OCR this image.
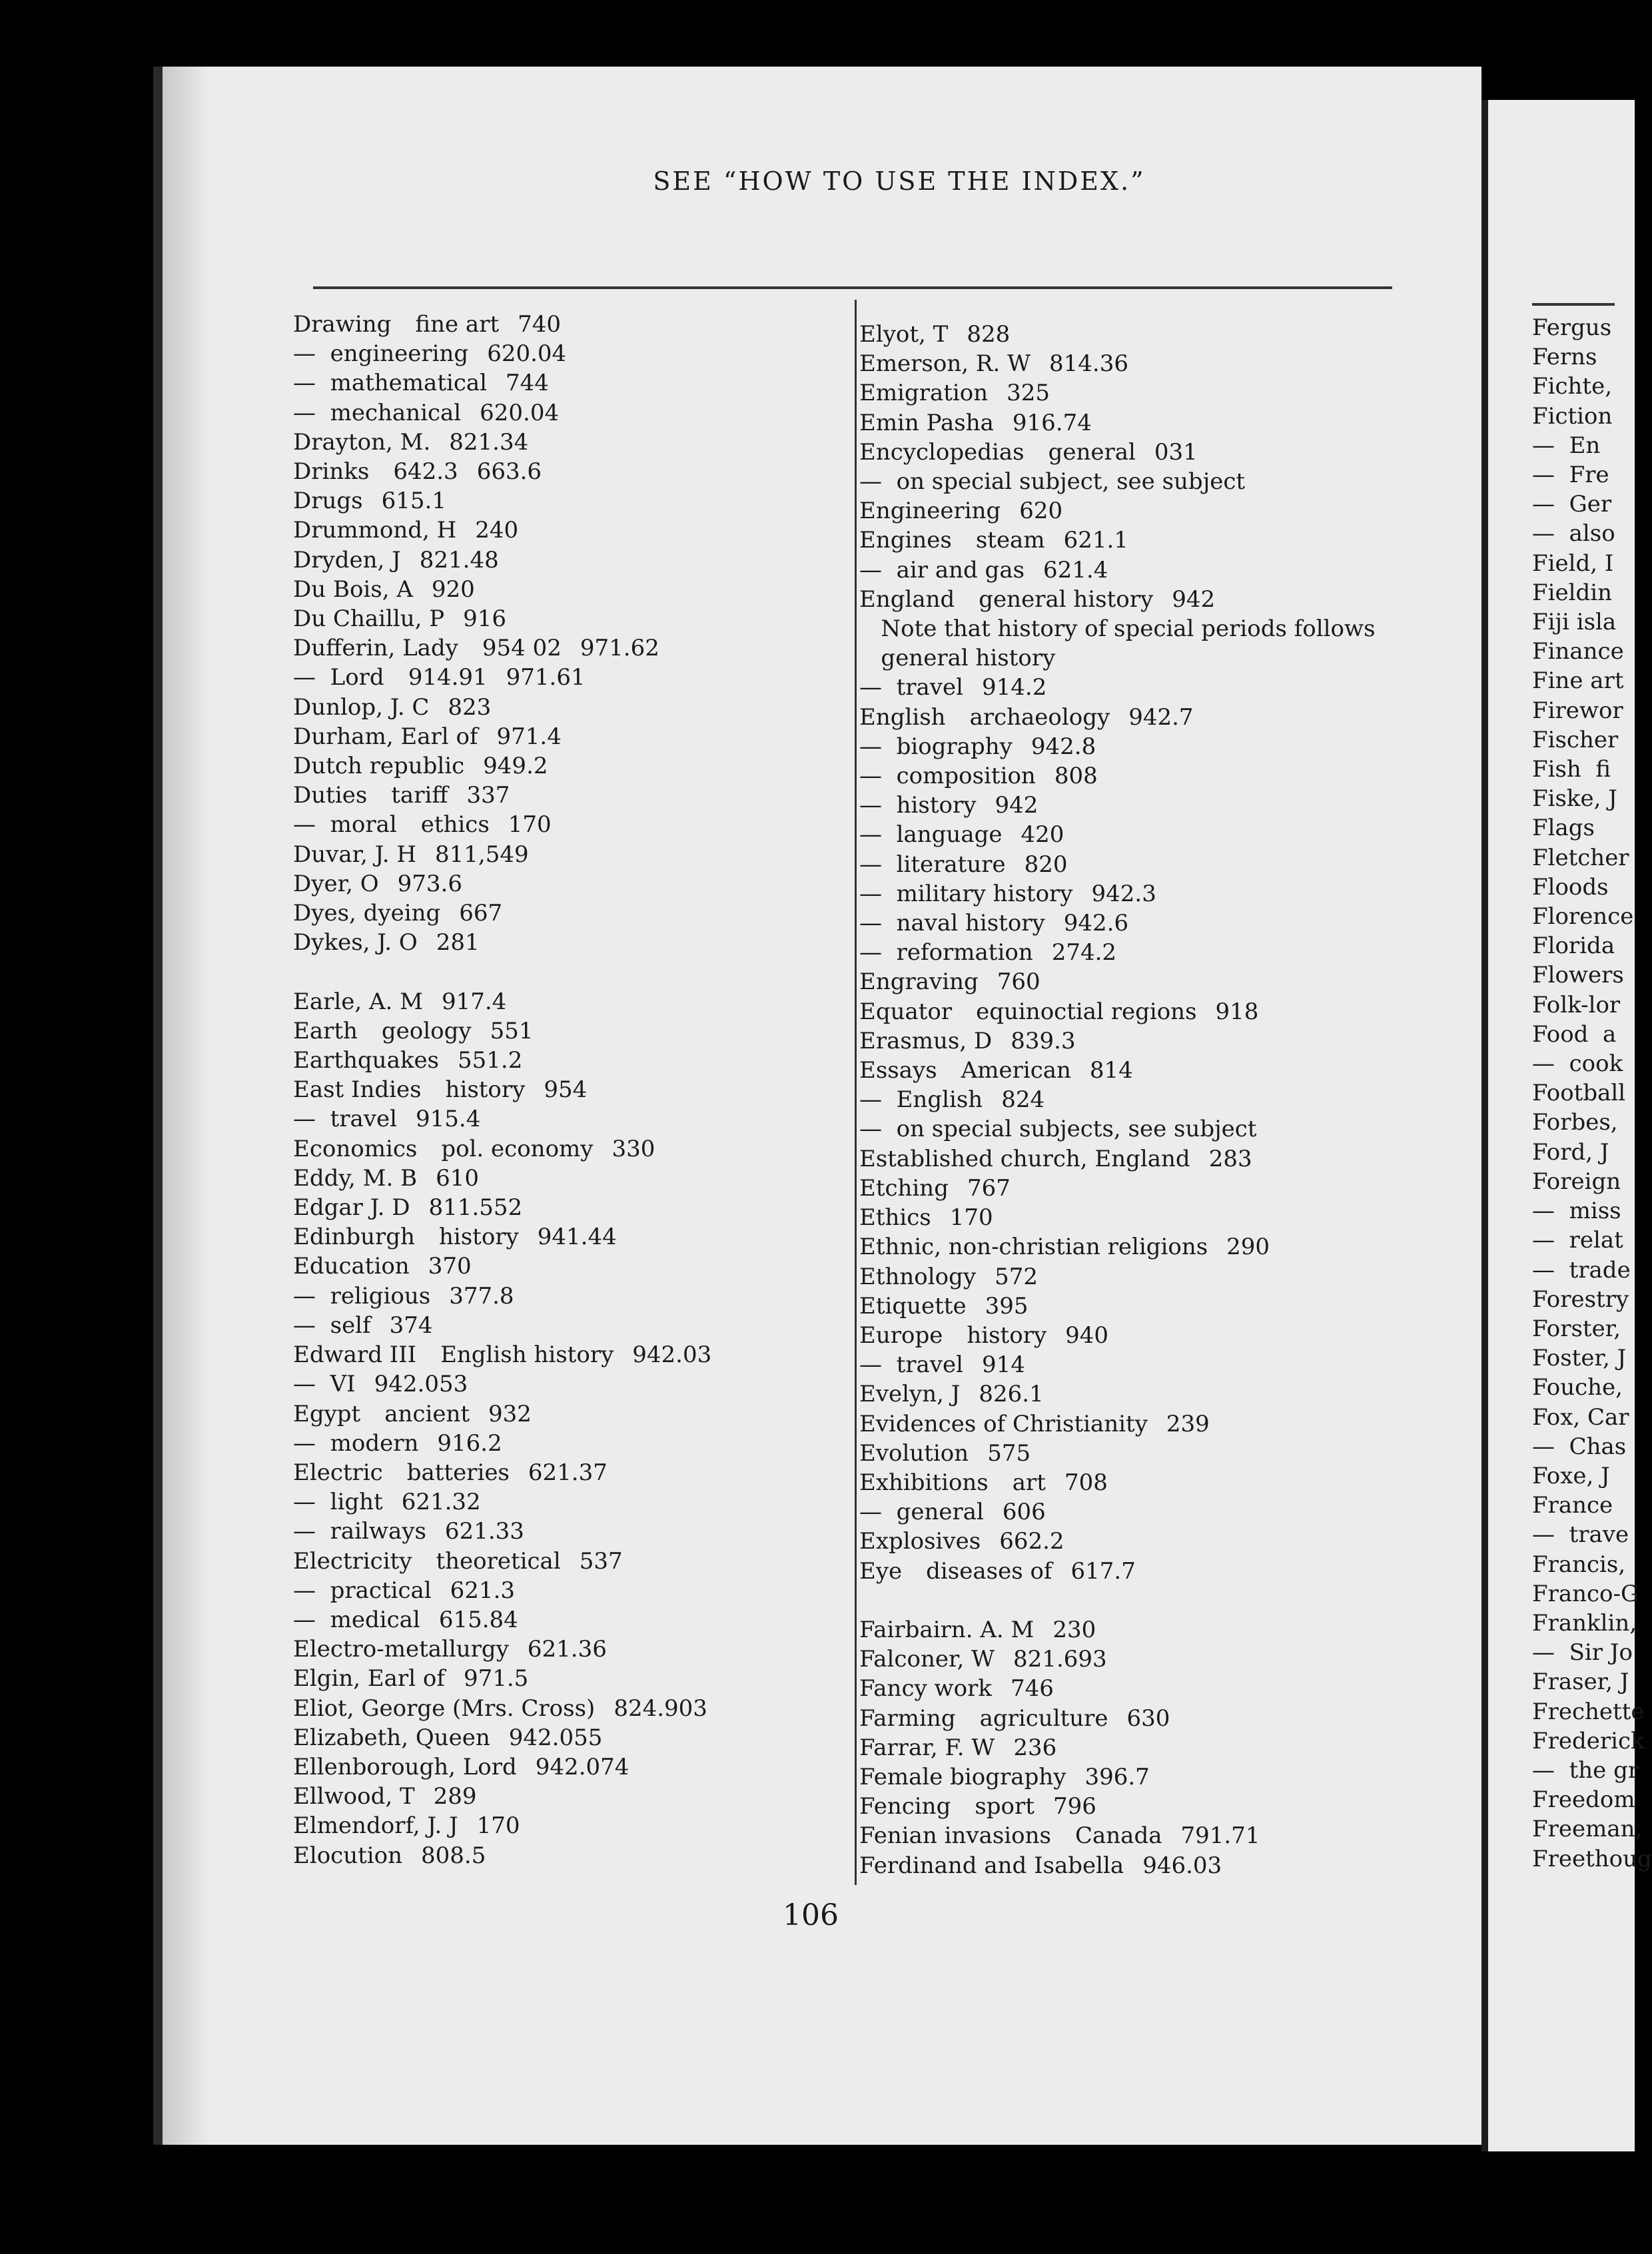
SEE “HOW TO USE THE INDEX.”
Drawing fine art 740
—  engineering 620.04
—  mathematical 744
—  mechanical 620.04
Drayton, M. 821.34
Drinks 642.3 663.6
Drugs 615.1
Drummond, H 240
Dryden, J 821.48
Du Bois, A 920
Du Chaillu, P 916
Dufferin, Lady 954 02 971.62
—  Lord 914.91 971.61
Dunlop, J. C 823
Durham, Earl of 971.4
Dutch republic 949.2
Duties tariff 337
—  moral ethics 170
Duvar, J. H 811,549
Dyer, O 973.6
Dyes, dyeing 667
Dykes, J. O 281
Earle, A. M 917.4
Earth geology 551
Earthquakes 551.2
East Indies history 954
—  travel 915.4
Economics pol. economy 330
Eddy, M. B 610
Edgar J. D 811.552
Edinburgh history 941.44
Education 370
—  religious 377.8
—  self 374
Edward III English history 942.03
—  VI 942.053
Egypt ancient 932
—  modern 916.2
Electric batteries 621.37
—  light 621.32
—  railways 621.33
Electricity theoretical 537
—  practical 621.3
—  medical 615.84
Electro-metallurgy 621.36
Elgin, Earl of 971.5
Eliot, George (Mrs. Cross) 824.903
Elizabeth, Queen 942.055
Ellenborough, Lord 942.074
Ellwood, T 289
Elmendorf, J. J 170
Elocution 808.5
Elyot, T 828
Emerson, R. W 814.36
Emigration 325
Emin Pasha 916.74
Encyclopedias general 031
—  on special subject, see subject
Engineering 620
Engines steam 621.1
—  air and gas 621.4
England general history 942
Note that history of special periods follows
general history
—  travel 914.2
English archaeology 942.7
—  biography 942.8
—  composition 808
—  history 942
—  language 420
—  literature 820
—  military history 942.3
—  naval history 942.6
—  reformation 274.2
Engraving 760
Equator equinoctial regions 918
Erasmus, D 839.3
Essays American 814
—  English 824
—  on special subjects, see subject
Established church, England 283
Etching 767
Ethics 170
Ethnic, non-christian religions 290
Ethnology 572
Etiquette 395
Europe history 940
—  travel 914
Evelyn, J 826.1
Evidences of Christianity 239
Evolution 575
Exhibitions art 708
—  general 606
Explosives 662.2
Eye diseases of 617.7
Fairbairn. A. M 230
Falconer, W 821.693
Fancy work 746
Farming agriculture 630
Farrar, F. W 236
Female biography 396.7
Fencing sport 796
Fenian invasions Canada 791.71
Ferdinand and Isabella 946.03
Fergus
Ferns
Fichte,
Fiction
—  En
—  Fre
—  Ger
—  also
Field, I
Fieldin
Fiji isla
Finance
Fine art
Firewor
Fischer
Fish  fi
Fiske, J
Flags
Fletcher
Floods
Florence
Florida
Flowers
Folk-lor
Food  a
—  cook
Football
Forbes,
Ford, J
Foreign
—  miss
—  relat
—  trade
Forestry
Forster,
Foster, J
Fouche,
Fox, Car
—  Chas
Foxe, J
France
—  trave
Francis,
Franco-G
Franklin,
—  Sir Jo
Fraser, J
Frechette
Frederick
—  the gr
Freedom
Freeman,
Freethoug
106
